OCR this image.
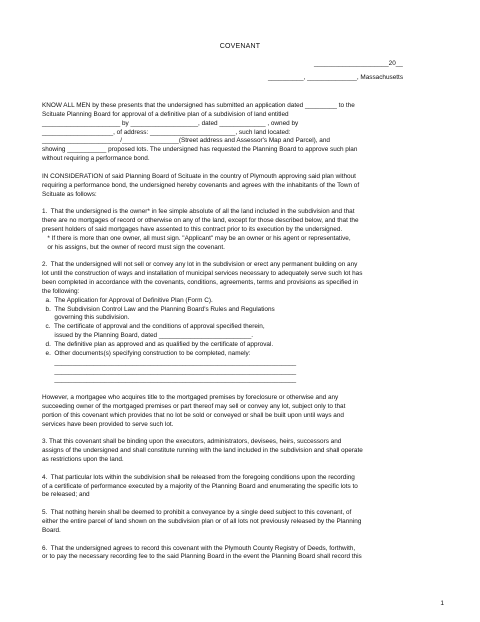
COVENANT
_____________________20__
__________, ______________, Massachusetts
KNOW ALL MEN by these presents that the undersigned has submitted an application dated _________ to the
Scituate Planning Board for approval of a definitive plan of a subdivision of land entitled
______________________ by ___________________, dated _____________ , owned by
____________________, of address: ________________________, such land located:
______________________/________________(Street address and Assessor's Map and Parcel), and
showing ___________ proposed lots. The undersigned has requested the Planning Board to approve such plan
without requiring a performance bond.
IN CONSIDERATION of said Planning Board of Scituate in the country of Plymouth approving said plan without
requiring a performance bond, the undersigned hereby covenants and agrees with the inhabitants of the Town of
Scituate as follows:
1.  That the undersigned is the owner* in fee simple absolute of all the land included in the subdivision and that
there are no mortgages of record or otherwise on any of the land, except for those described below, and that the
present holders of said mortgages have assented to this contract prior to its execution by the undersigned.
* If there is more than one owner, all must sign. "Applicant" may be an owner or his agent or representative,
or his assigns, but the owner of record must sign the covenant.
2.  That the undersigned will not sell or convey any lot in the subdivision or erect any permanent building on any
lot until the construction of ways and installation of municipal services necessary to adequately serve such lot has
been completed in accordance with the covenants, conditions, agreements, terms and provisions as specified in
the following:
a.  The Application for Approval of Definitive Plan (Form C).
b.  The Subdivision Control Law and the Planning Board's Rules and Regulations
governing this subdivision.
c.  The certificate of approval and the conditions of approval specified therein,
issued by the Planning Board, dated __________________________.
d.  The definitive plan as approved and as qualified by the certificate of approval.
e.  Other documents(s) specifying construction to be completed, namely:
____________________________________________________________________
____________________________________________________________________
____________________________________________________________________
However, a mortgagee who acquires title to the mortgaged premises by foreclosure or otherwise and any
succeeding owner of the mortgaged premises or part thereof may sell or convey any lot, subject only to that
portion of this covenant which provides that no lot be sold or conveyed or shall be built upon until ways and
services have been provided to serve such lot.
3. That this covenant shall be binding upon the executors, administrators, devisees, heirs, successors and
assigns of the undersigned and shall constitute running with the land included in the subdivision and shall operate
as restrictions upon the land.
4.  That particular lots within the subdivision shall be released from the foregoing conditions upon the recording
of a certificate of performance executed by a majority of the Planning Board and enumerating the specific lots to
be released; and
5.  That nothing herein shall be deemed to prohibit a conveyance by a single deed subject to this covenant, of
either the entire parcel of land shown on the subdivision plan or of all lots not previously released by the Planning
Board.
6.  That the undersigned agrees to record this covenant with the Plymouth County Registry of Deeds, forthwith,
or to pay the necessary recording fee to the said Planning Board in the event the Planning Board shall record this
1
